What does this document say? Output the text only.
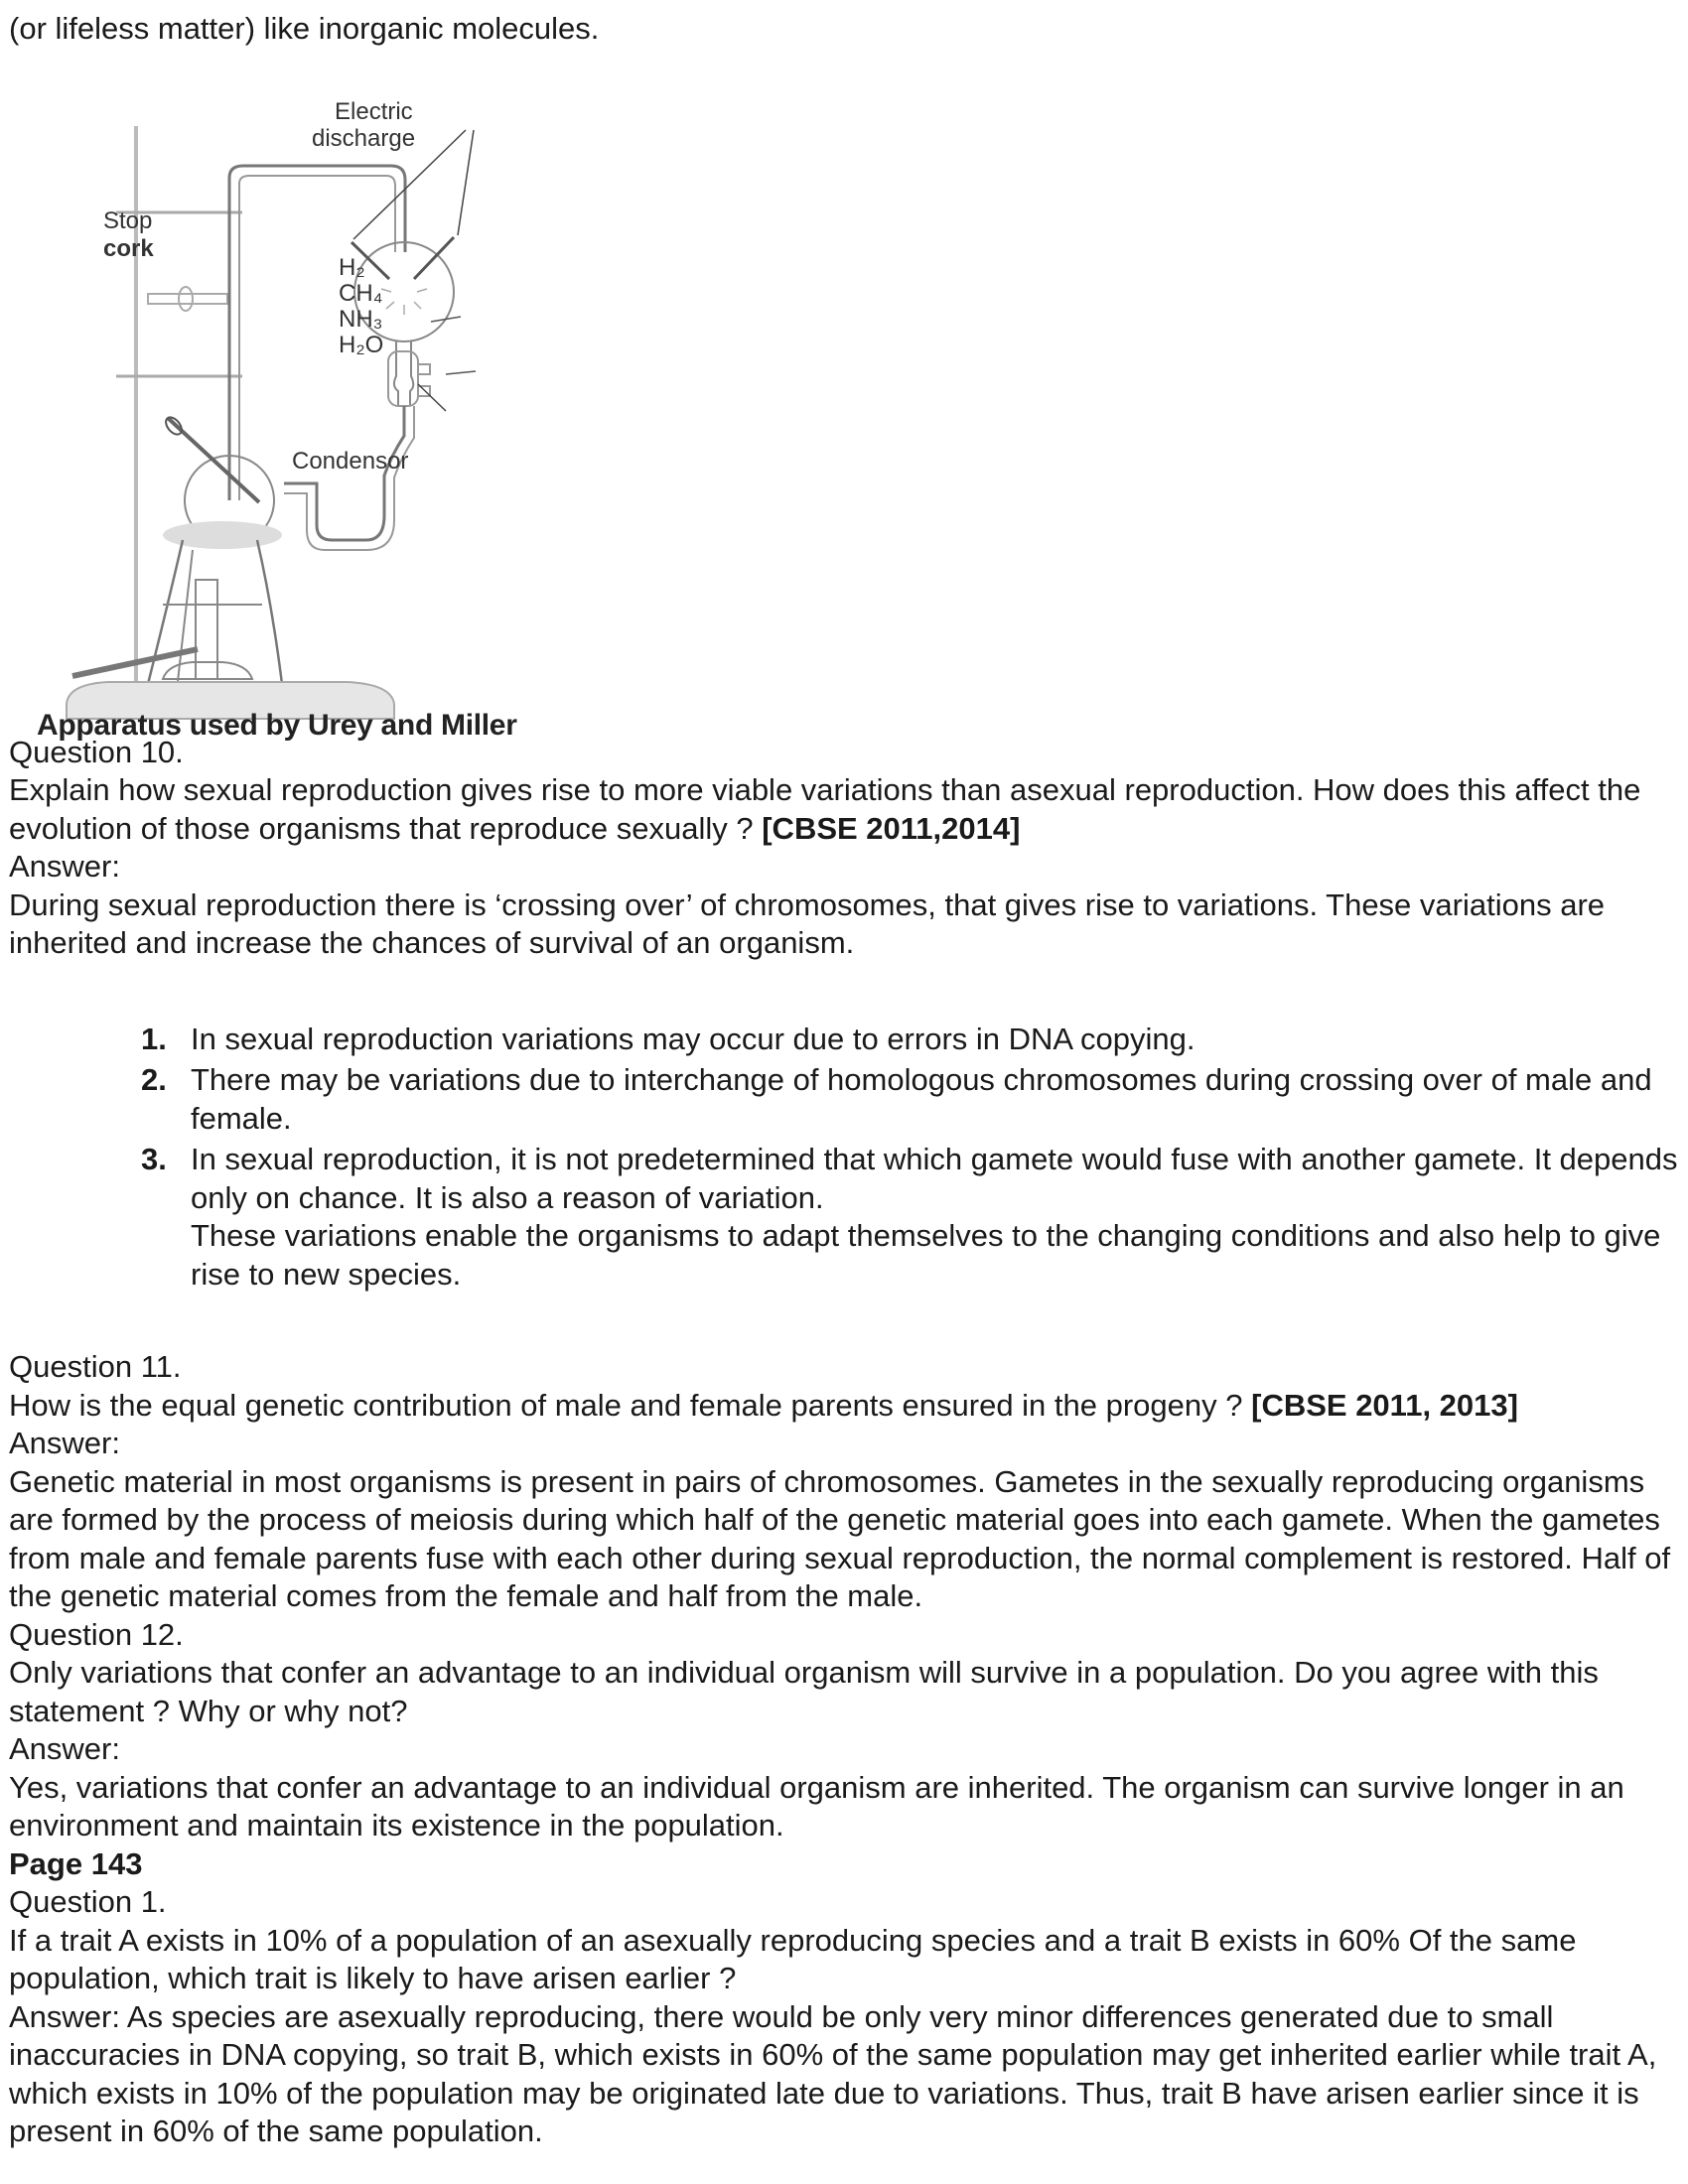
(or lifeless matter) like inorganic molecules.

Electric
discharge
Stop
cork
H₂
CH₄
NH₃
H₂O
Condensor
Apparatus used by Urey and Miller

Question 10.

Explain how sexual reproduction gives rise to more viable variations than asexual reproduction. How does this affect the evolution of those organisms that reproduce sexually ? [CBSE 2011,2014]

Answer:

During sexual reproduction there is ‘crossing over’ of chromosomes, that gives rise to variations. These variations are inherited and increase the chances of survival of an organism.

1. In sexual reproduction variations may occur due to errors in DNA copying.
2. There may be variations due to interchange of homologous chromosomes during crossing over of male and female.
3. In sexual reproduction, it is not predetermined that which gamete would fuse with another gamete. It depends only on chance. It is also a reason of variation.
These variations enable the organisms to adapt themselves to the changing conditions and also help to give rise to new species.

Question 11.

How is the equal genetic contribution of male and female parents ensured in the progeny ? [CBSE 2011, 2013]

Answer:

Genetic material in most organisms is present in pairs of chromosomes. Gametes in the sexually reproducing organisms are formed by the process of meiosis during which half of the genetic material goes into each gamete. When the gametes from male and female parents fuse with each other during sexual reproduction, the normal complement is restored. Half of the genetic material comes from the female and half from the male.

Question 12.

Only variations that confer an advantage to an individual organism will survive in a population. Do you agree with this statement ? Why or why not?

Answer:

Yes, variations that confer an advantage to an individual organism are inherited. The organism can survive longer in an environment and maintain its existence in the population.

Page 143

Question 1.

If a trait A exists in 10% of a population of an asexually reproducing species and a trait B exists in 60% Of the same population, which trait is likely to have arisen earlier ?

Answer: As species are asexually reproducing, there would be only very minor differences generated due to small inaccuracies in DNA copying, so trait B, which exists in 60% of the same population may get inherited earlier while trait A, which exists in 10% of the population may be originated late due to variations. Thus, trait B have arisen earlier since it is present in 60% of the same population.
